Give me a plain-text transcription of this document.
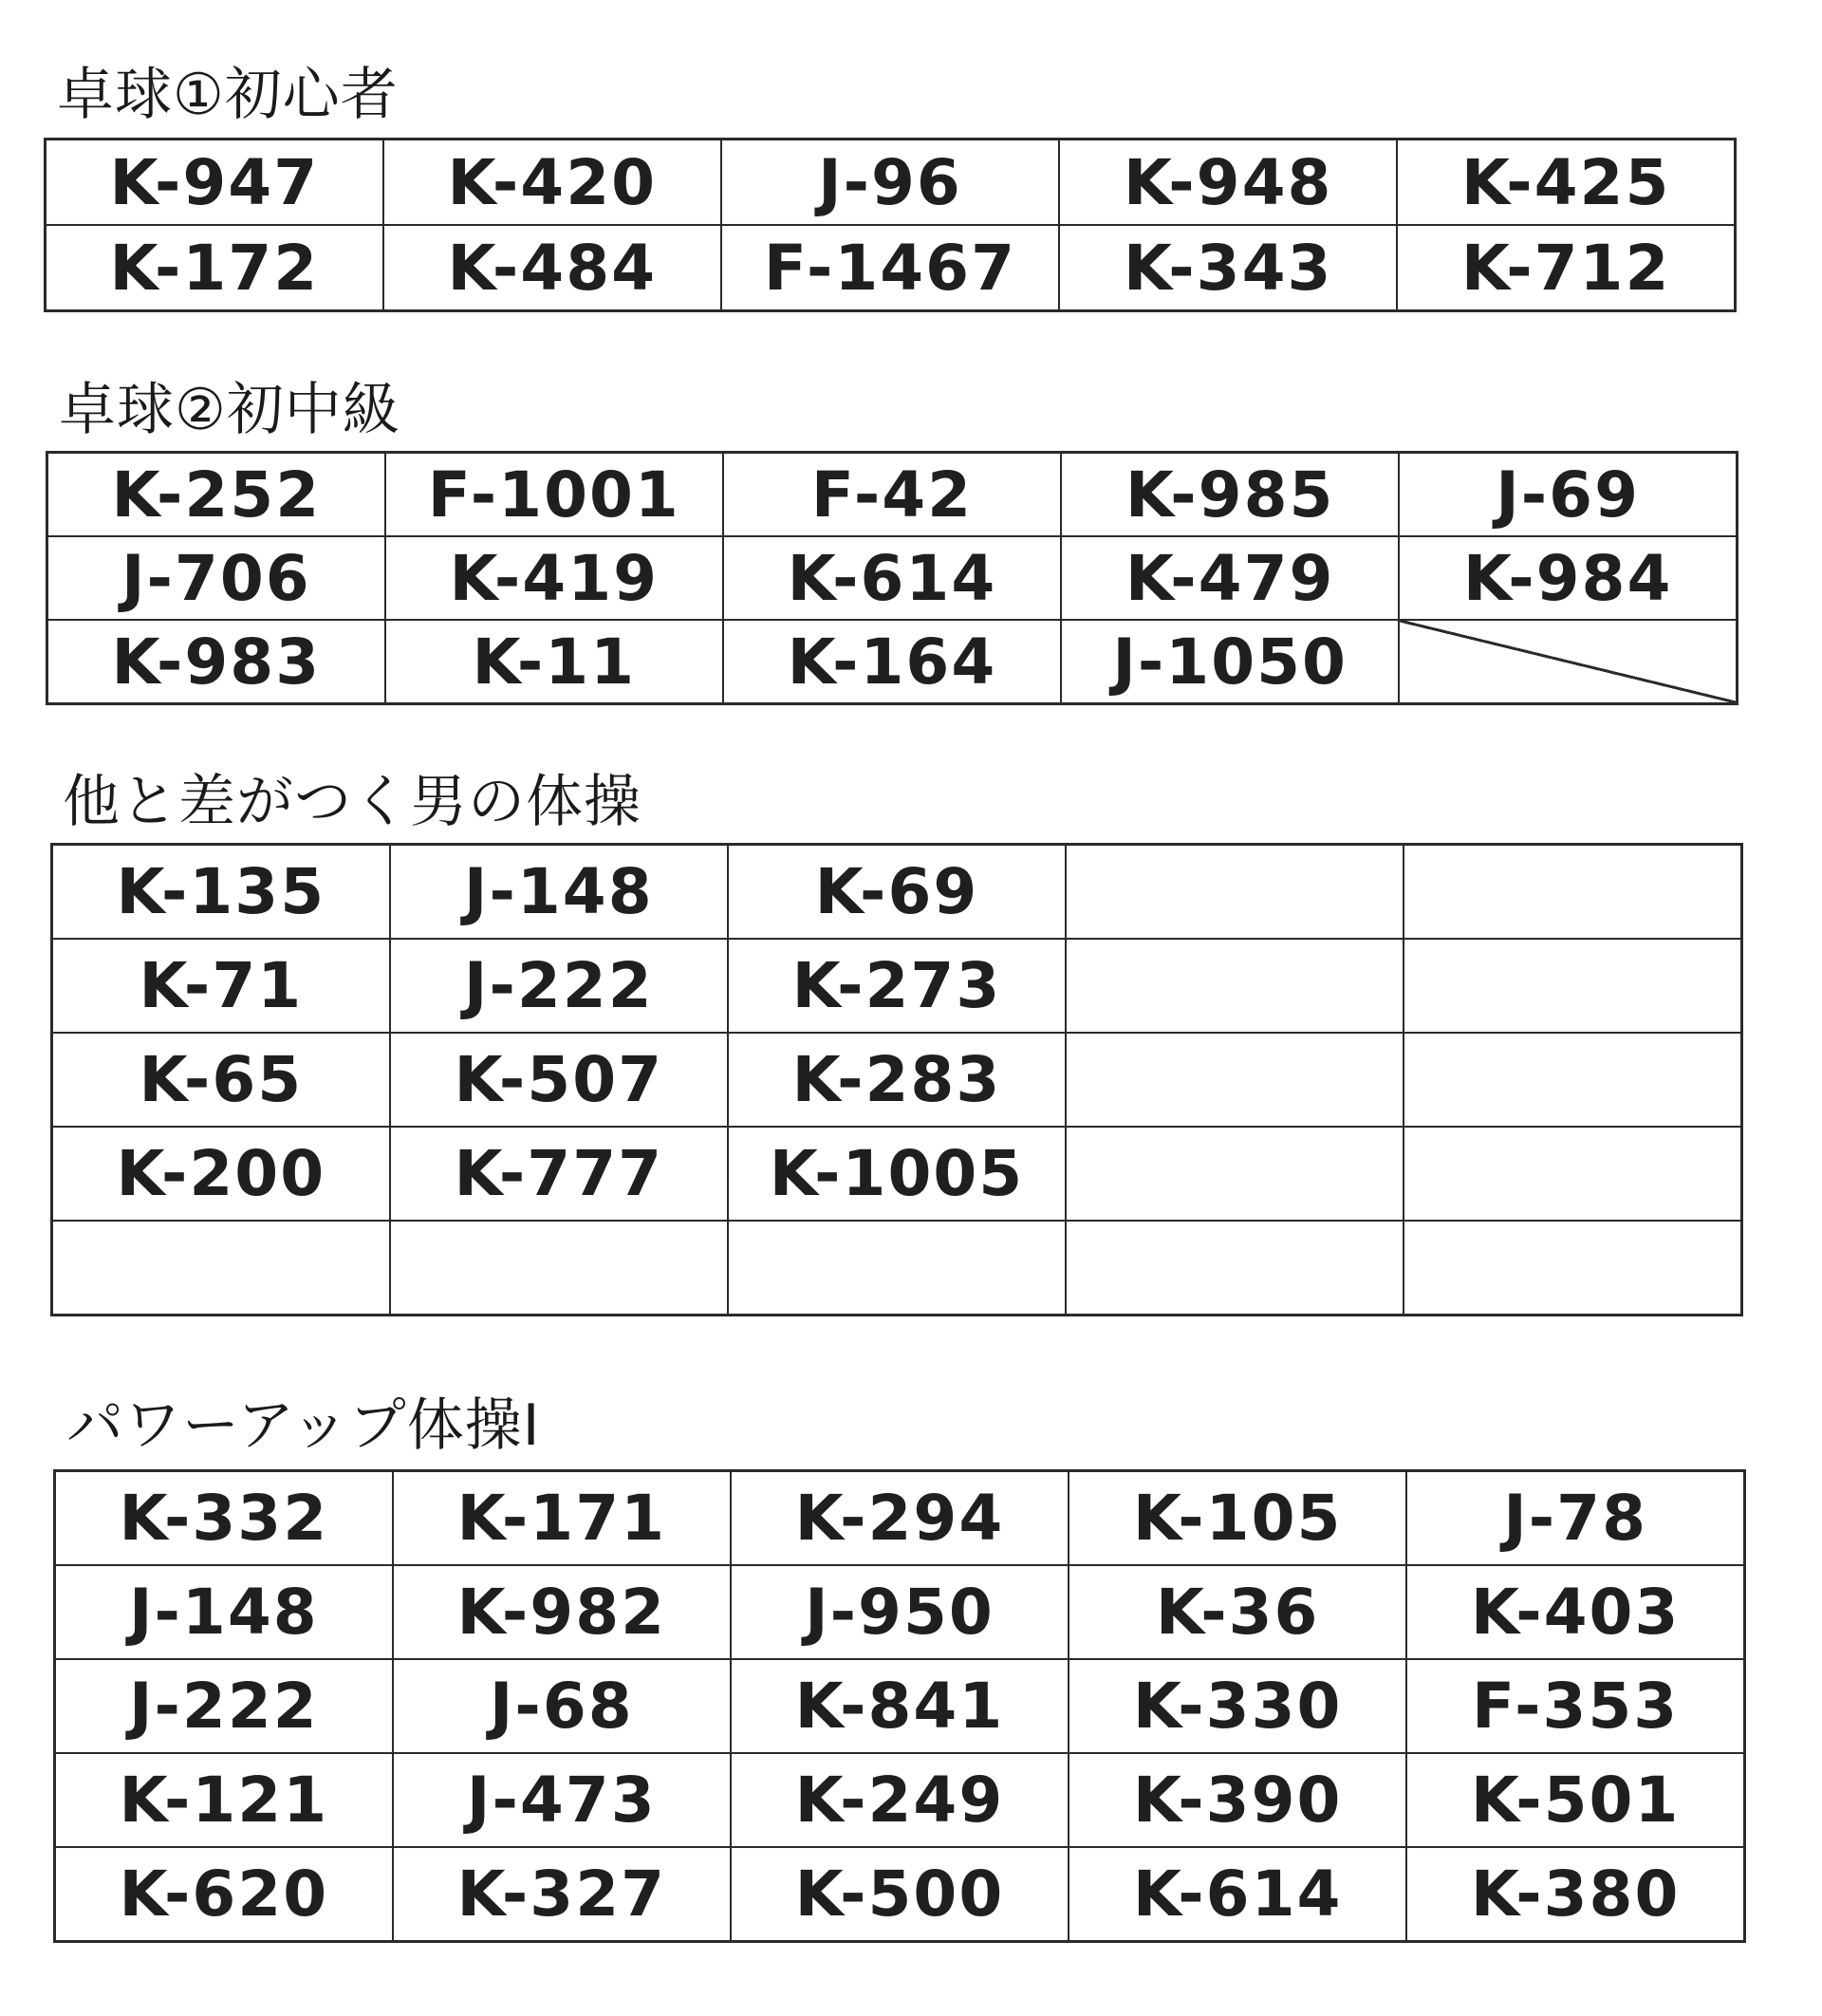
卓球①初心者
K-947	K-420	J-96	K-948	K-425
K-172	K-484	F-1467	K-343	K-712
卓球②初中級
K-252	F-1001	F-42	K-985	J-69
J-706	K-419	K-614	K-479	K-984
K-983	K-11	K-164	J-1050	
他と差がつく男の体操
K-135	J-148	K-69		
K-71	J-222	K-273		
K-65	K-507	K-283		
K-200	K-777	K-1005		

パワーアップ体操Ⅰ
K-332	K-171	K-294	K-105	J-78
J-148	K-982	J-950	K-36	K-403
J-222	J-68	K-841	K-330	F-353
K-121	J-473	K-249	K-390	K-501
K-620	K-327	K-500	K-614	K-380
